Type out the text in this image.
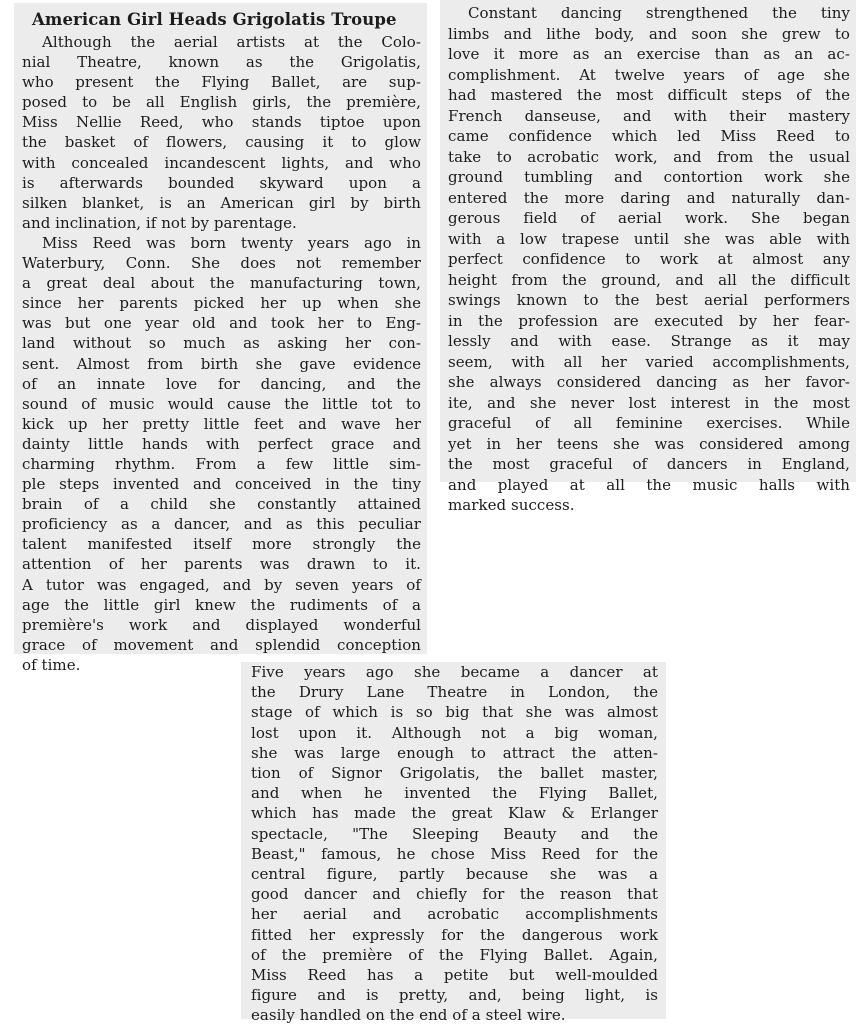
American Girl Heads Grigolatis Troupe
Although the aerial artists at the Colo-
nial Theatre, known as the Grigolatis,
who present the Flying Ballet, are sup-
posed to be all English girls, the première,
Miss Nellie Reed, who stands tiptoe upon
the basket of flowers, causing it to glow
with concealed incandescent lights, and who
is afterwards bounded skyward upon a
silken blanket, is an American girl by birth
and inclination, if not by parentage.
Miss Reed was born twenty years ago in
Waterbury, Conn. She does not remember
a great deal about the manufacturing town,
since her parents picked her up when she
was but one year old and took her to Eng-
land without so much as asking her con-
sent. Almost from birth she gave evidence
of an innate love for dancing, and the
sound of music would cause the little tot to
kick up her pretty little feet and wave her
dainty little hands with perfect grace and
charming rhythm. From a few little sim-
ple steps invented and conceived in the tiny
brain of a child she constantly attained
proficiency as a dancer, and as this peculiar
talent manifested itself more strongly the
attention of her parents was drawn to it.
A tutor was engaged, and by seven years of
age the little girl knew the rudiments of a
première's work and displayed wonderful
grace of movement and splendid conception
of time.
Constant dancing strengthened the tiny
limbs and lithe body, and soon she grew to
love it more as an exercise than as an ac-
complishment. At twelve years of age she
had mastered the most difficult steps of the
French danseuse, and with their mastery
came confidence which led Miss Reed to
take to acrobatic work, and from the usual
ground tumbling and contortion work she
entered the more daring and naturally dan-
gerous field of aerial work. She began
with a low trapese until she was able with
perfect confidence to work at almost any
height from the ground, and all the difficult
swings known to the best aerial performers
in the profession are executed by her fear-
lessly and with ease. Strange as it may
seem, with all her varied accomplishments,
she always considered dancing as her favor-
ite, and she never lost interest in the most
graceful of all feminine exercises. While
yet in her teens she was considered among
the most graceful of dancers in England,
and played at all the music halls with
marked success.
Five years ago she became a dancer at
the Drury Lane Theatre in London, the
stage of which is so big that she was almost
lost upon it. Although not a big woman,
she was large enough to attract the atten-
tion of Signor Grigolatis, the ballet master,
and when he invented the Flying Ballet,
which has made the great Klaw & Erlanger
spectacle, "The Sleeping Beauty and the
Beast," famous, he chose Miss Reed for the
central figure, partly because she was a
good dancer and chiefly for the reason that
her aerial and acrobatic accomplishments
fitted her expressly for the dangerous work
of the première of the Flying Ballet. Again,
Miss Reed has a petite but well-moulded
figure and is pretty, and, being light, is
easily handled on the end of a steel wire.
